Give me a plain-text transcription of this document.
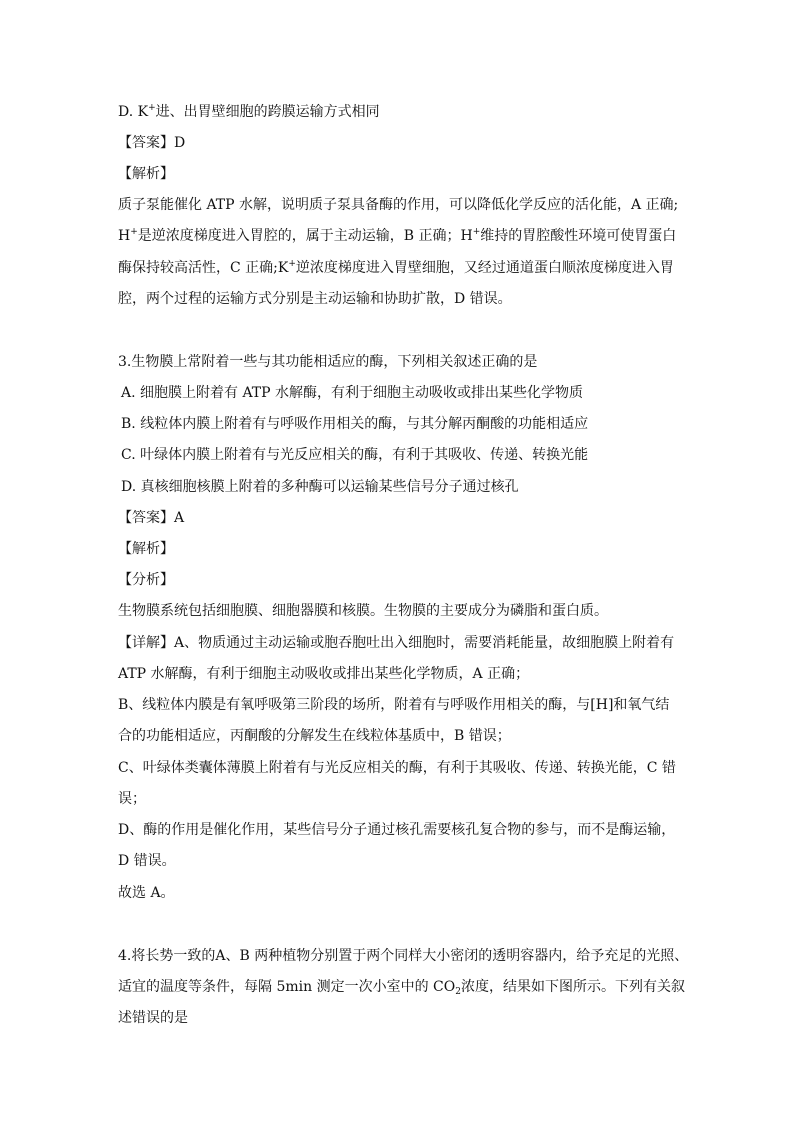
D. K+进、出胃壁细胞的跨膜运输方式相同
【答案】D
【解析】
质子泵能催化 ATP 水解，说明质子泵具备酶的作用，可以降低化学反应的活化能，A 正确;
H+是逆浓度梯度进入胃腔的，属于主动运输，B 正确；H+维持的胃腔酸性环境可使胃蛋白
酶保持较高活性，C 正确;K+逆浓度梯度进入胃壁细胞，又经过通道蛋白顺浓度梯度进入胃
腔，两个过程的运输方式分别是主动运输和协助扩散，D 错误。
3.生物膜上常附着一些与其功能相适应的酶，下列相关叙述正确的是
A. 细胞膜上附着有 ATP 水解酶，有利于细胞主动吸收或排出某些化学物质
B. 线粒体内膜上附着有与呼吸作用相关的酶，与其分解丙酮酸的功能相适应
C. 叶绿体内膜上附着有与光反应相关的酶，有利于其吸收、传递、转换光能
D. 真核细胞核膜上附着的多种酶可以运输某些信号分子通过核孔
【答案】A
【解析】
【分析】
生物膜系统包括细胞膜、细胞器膜和核膜。生物膜的主要成分为磷脂和蛋白质。
【详解】A、物质通过主动运输或胞吞胞吐出入细胞时，需要消耗能量，故细胞膜上附着有
ATP 水解酶，有利于细胞主动吸收或排出某些化学物质，A 正确；
B、线粒体内膜是有氧呼吸第三阶段的场所，附着有与呼吸作用相关的酶，与[H]和氧气结
合的功能相适应，丙酮酸的分解发生在线粒体基质中，B 错误；
C、叶绿体类囊体薄膜上附着有与光反应相关的酶，有利于其吸收、传递、转换光能，C 错
误；
D、酶的作用是催化作用，某些信号分子通过核孔需要核孔复合物的参与，而不是酶运输，
D 错误。
故选 A。
4.将长势一致的A、B 两种植物分别置于两个同样大小密闭的透明容器内，给予充足的光照、
适宜的温度等条件，每隔 5min 测定一次小室中的 $CO_2$浓度，结果如下图所示。下列有关叙
述错误的是
